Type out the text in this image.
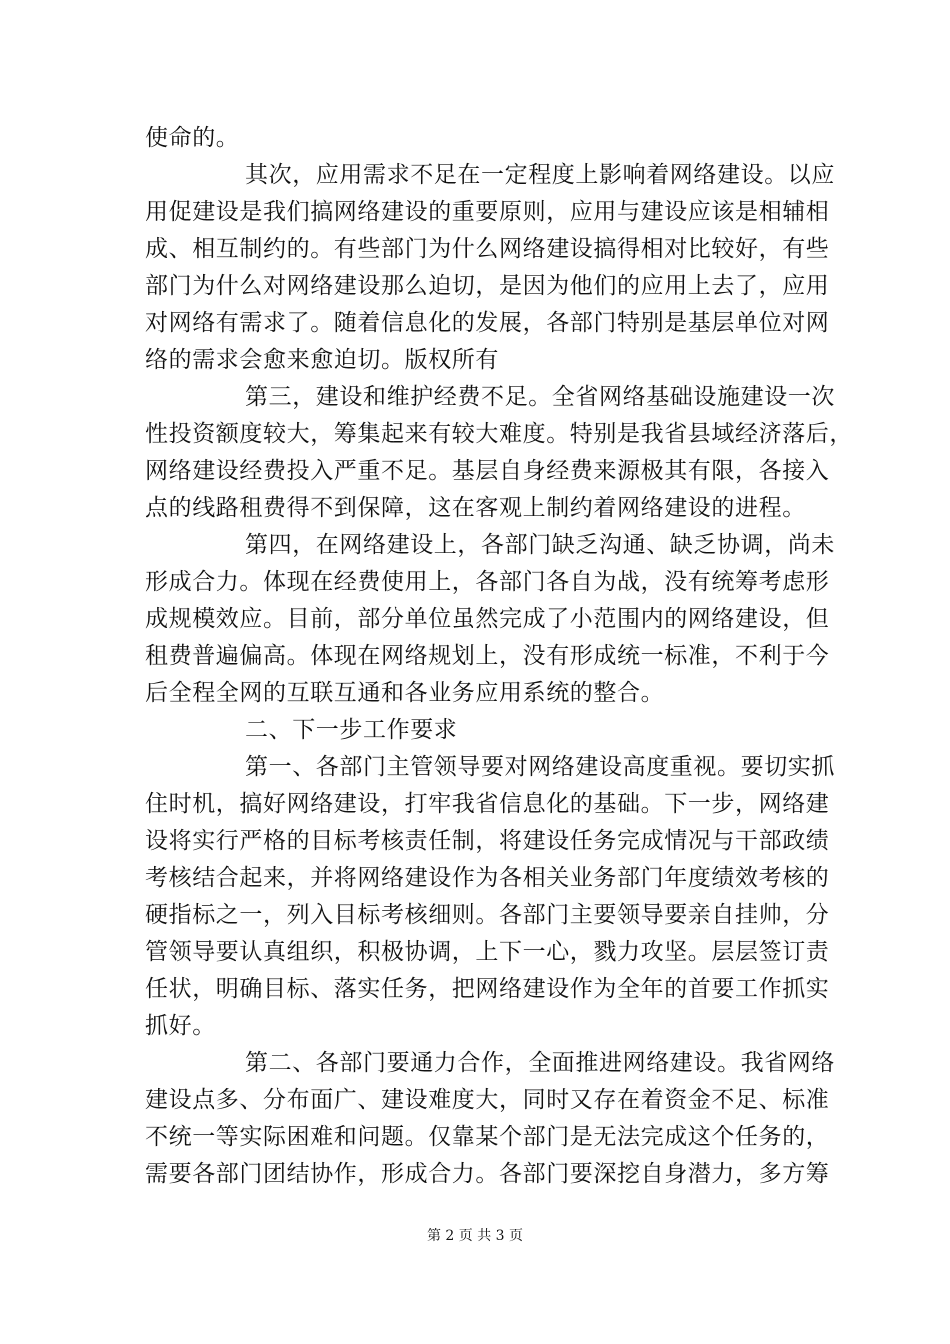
使命的。
其次，应用需求不足在一定程度上影响着网络建设。以应
用促建设是我们搞网络建设的重要原则，应用与建设应该是相辅相
成、相互制约的。有些部门为什么网络建设搞得相对比较好，有些
部门为什么对网络建设那么迫切，是因为他们的应用上去了，应用
对网络有需求了。随着信息化的发展，各部门特别是基层单位对网
络的需求会愈来愈迫切。版权所有
第三，建设和维护经费不足。全省网络基础设施建设一次
性投资额度较大，筹集起来有较大难度。特别是我省县域经济落后，
网络建设经费投入严重不足。基层自身经费来源极其有限，各接入
点的线路租费得不到保障，这在客观上制约着网络建设的进程。
第四，在网络建设上，各部门缺乏沟通、缺乏协调，尚未
形成合力。体现在经费使用上，各部门各自为战，没有统筹考虑形
成规模效应。目前，部分单位虽然完成了小范围内的网络建设，但
租费普遍偏高。体现在网络规划上，没有形成统一标准，不利于今
后全程全网的互联互通和各业务应用系统的整合。
二、下一步工作要求
第一、各部门主管领导要对网络建设高度重视。要切实抓
住时机，搞好网络建设，打牢我省信息化的基础。下一步，网络建
设将实行严格的目标考核责任制，将建设任务完成情况与干部政绩
考核结合起来，并将网络建设作为各相关业务部门年度绩效考核的
硬指标之一，列入目标考核细则。各部门主要领导要亲自挂帅，分
管领导要认真组织，积极协调，上下一心，戮力攻坚。层层签订责
任状，明确目标、落实任务，把网络建设作为全年的首要工作抓实
抓好。
第二、各部门要通力合作，全面推进网络建设。我省网络
建设点多、分布面广、建设难度大，同时又存在着资金不足、标准
不统一等实际困难和问题。仅靠某个部门是无法完成这个任务的，
需要各部门团结协作，形成合力。各部门要深挖自身潜力，多方筹
第 2 页 共 3 页
